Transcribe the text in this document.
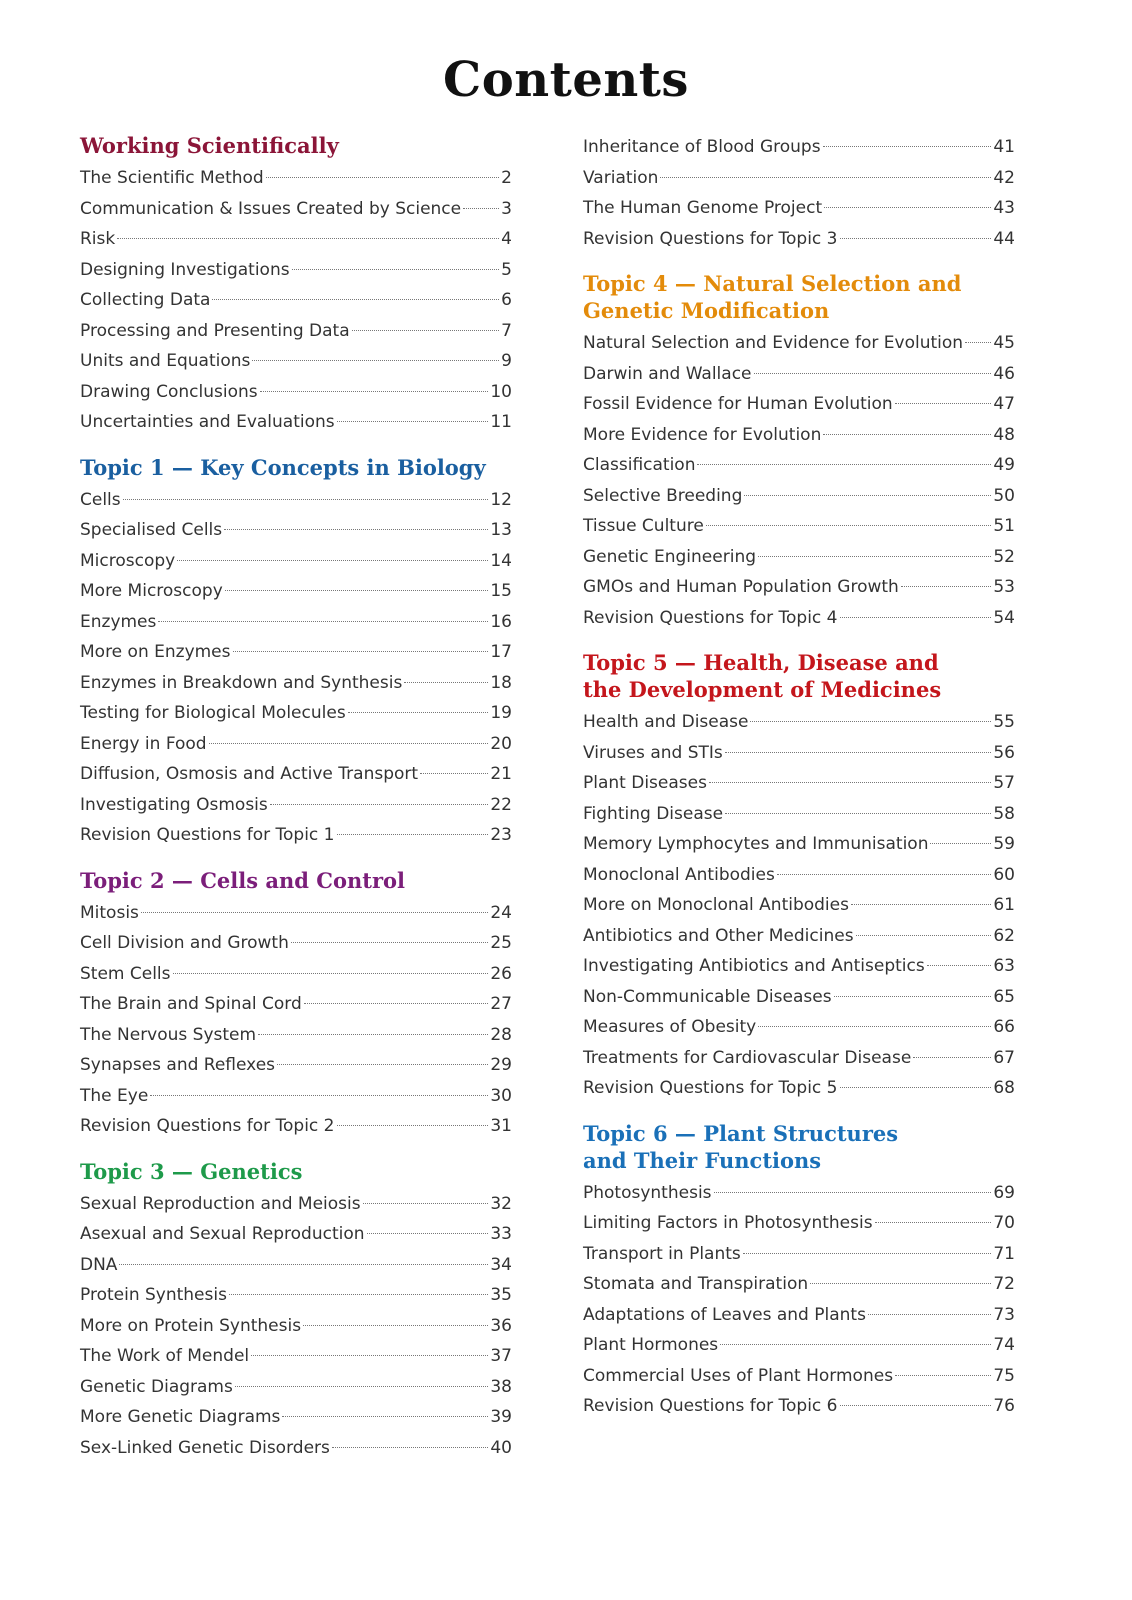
Contents
Working Scientifically
The Scientific Method	2
Communication & Issues Created by Science 3
Risk	4
Designing Investigations	5
Collecting Data	6
Processing and Presenting Data	7
Units and Equations	9
Drawing Conclusions	10
Uncertainties and Evaluations	11
Topic 1 — Key Concepts in Biology
Cells	12
Specialised Cells	13
Microscopy	14
More Microscopy	15
Enzymes	16
More on Enzymes	17
Enzymes in Breakdown and Synthesis	18
Testing for Biological Molecules	19
Energy in Food	20
Diffusion, Osmosis and Active Transport	21
Investigating Osmosis	22
Revision Questions for Topic 1	23
Topic 2 — Cells and Control
Mitosis	24
Cell Division and Growth	25
Stem Cells	26
The Brain and Spinal Cord	27
The Nervous System	28
Synapses and Reflexes	29
The Eye	30
Revision Questions for Topic 2	31
Topic 3 — Genetics
Sexual Reproduction and Meiosis	32
Asexual and Sexual Reproduction	33
DNA	34
Protein Synthesis	35
More on Protein Synthesis	36
The Work of Mendel	37
Genetic Diagrams	38
More Genetic Diagrams	39
Sex-Linked Genetic Disorders	40
Inheritance of Blood Groups	41
Variation	42
The Human Genome Project	43
Revision Questions for Topic 3	44
Topic 4 — Natural Selection and
Genetic Modification
Natural Selection and Evidence for Evolution 45
Darwin and Wallace	46
Fossil Evidence for Human Evolution	47
More Evidence for Evolution	48
Classification	49
Selective Breeding	50
Tissue Culture	51
Genetic Engineering	52
GMOs and Human Population Growth	53
Revision Questions for Topic 4	54
Topic 5 — Health, Disease and
the Development of Medicines
Health and Disease	55
Viruses and STIs	56
Plant Diseases	57
Fighting Disease	58
Memory Lymphocytes and Immunisation	59
Monoclonal Antibodies	60
More on Monoclonal Antibodies	61
Antibiotics and Other Medicines	62
Investigating Antibiotics and Antiseptics	63
Non-Communicable Diseases	65
Measures of Obesity	66
Treatments for Cardiovascular Disease	67
Revision Questions for Topic 5	68
Topic 6 — Plant Structures
and Their Functions
Photosynthesis	69
Limiting Factors in Photosynthesis	70
Transport in Plants	71
Stomata and Transpiration	72
Adaptations of Leaves and Plants	73
Plant Hormones	74
Commercial Uses of Plant Hormones	75
Revision Questions for Topic 6	76
